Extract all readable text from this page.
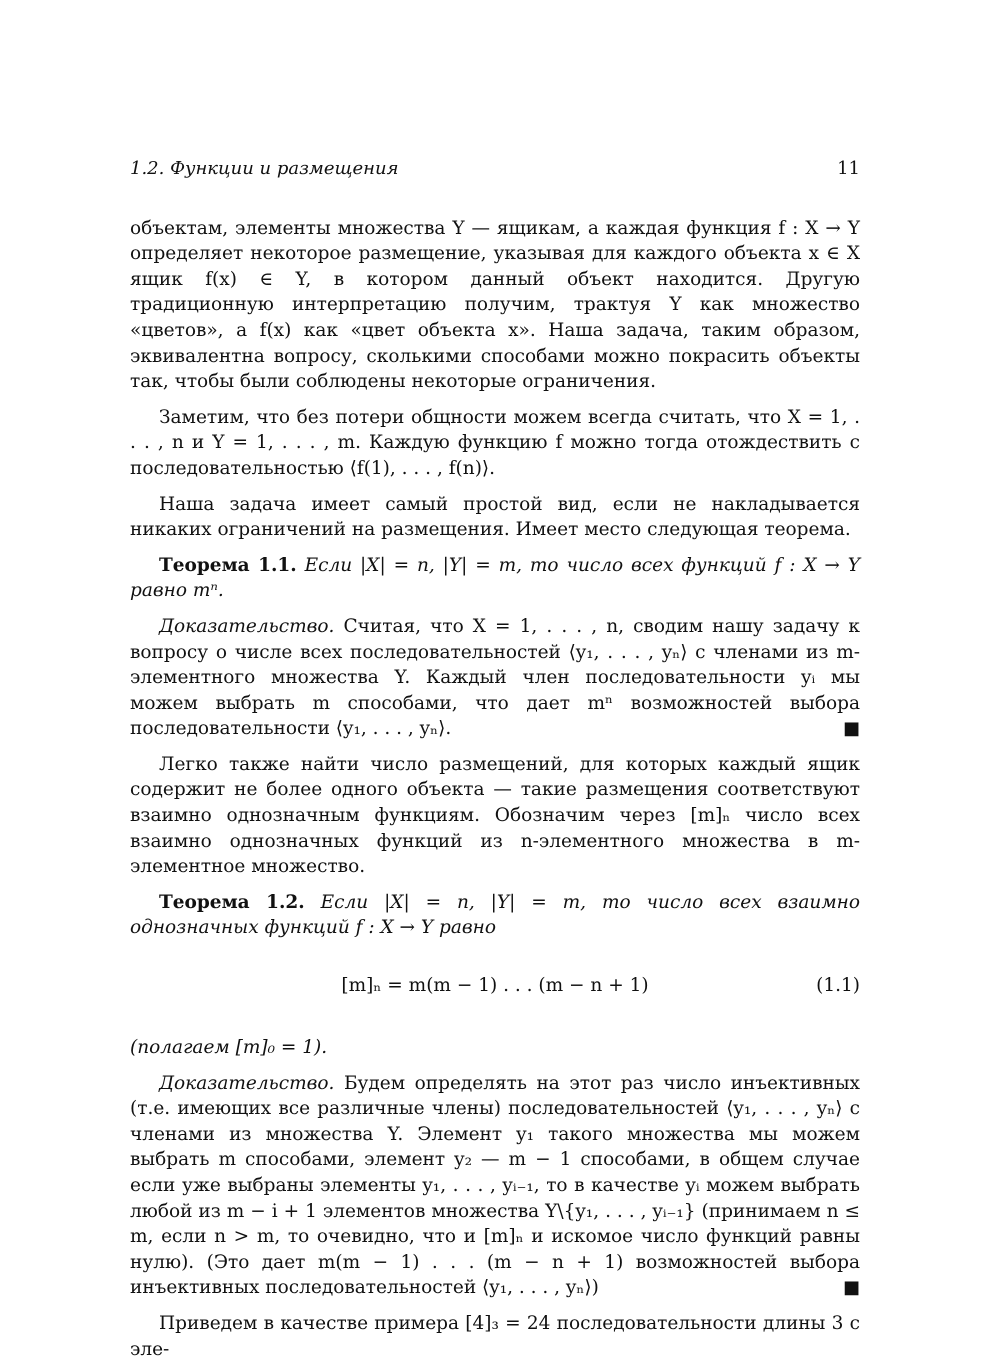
1.2. Функции и размещения	11

объектам, элементы множества Y — ящикам, а каждая функция f : X → Y определяет некоторое размещение, указывая для каждого объекта x ∈ X ящик f(x) ∈ Y, в котором данный объект находится. Другую традиционную интерпретацию получим, трактуя Y как множество «цветов», а f(x) как «цвет объекта x». Наша задача, таким образом, эквивалентна вопросу, сколькими способами можно покрасить объекты так, чтобы были соблюдены некоторые ограничения.

Заметим, что без потери общности можем всегда считать, что X = 1, . . . , n и Y = 1, . . . , m. Каждую функцию f можно тогда отождествить с последовательностью ⟨f(1), . . . , f(n)⟩.

Наша задача имеет самый простой вид, если не накладывается никаких ограничений на размещения. Имеет место следующая теорема.

Теорема 1.1. Если |X| = n, |Y| = m, то число всех функций f : X → Y равно mⁿ.

Доказательство. Считая, что X = 1, . . . , n, сводим нашу задачу к вопросу о числе всех последовательностей ⟨y₁, . . . , yₙ⟩ с членами из m-элементного множества Y. Каждый член последовательности yᵢ мы можем выбрать m способами, что дает mⁿ возможностей выбора последовательности ⟨y₁, . . . , yₙ⟩.	■

Легко также найти число размещений, для которых каждый ящик содержит не более одного объекта — такие размещения соответствуют взаимно однозначным функциям. Обозначим через [m]ₙ число всех взаимно однозначных функций из n-элементного множества в m-элементное множество.

Теорема 1.2. Если |X| = n, |Y| = m, то число всех взаимно однозначных функций f : X → Y равно

[m]ₙ = m(m − 1) . . . (m − n + 1)	(1.1)

(полагаем [m]₀ = 1).

Доказательство. Будем определять на этот раз число инъективных (т.е. имеющих все различные члены) последовательностей ⟨y₁, . . . , yₙ⟩ с членами из множества Y. Элемент y₁ такого множества мы можем выбрать m способами, элемент y₂ — m − 1 способами, в общем случае если уже выбраны элементы y₁, . . . , yᵢ₋₁, то в качестве yᵢ можем выбрать любой из m − i + 1 элементов множества Y\{y₁, . . . , yᵢ₋₁} (принимаем n ≤ m, если n > m, то очевидно, что и [m]ₙ и искомое число функций равны нулю). (Это дает m(m − 1) . . . (m − n + 1) возможностей выбора инъективных последовательностей ⟨y₁, . . . , yₙ⟩)	■

Приведем в качестве примера [4]₃ = 24 последовательности длины 3 с эле-
